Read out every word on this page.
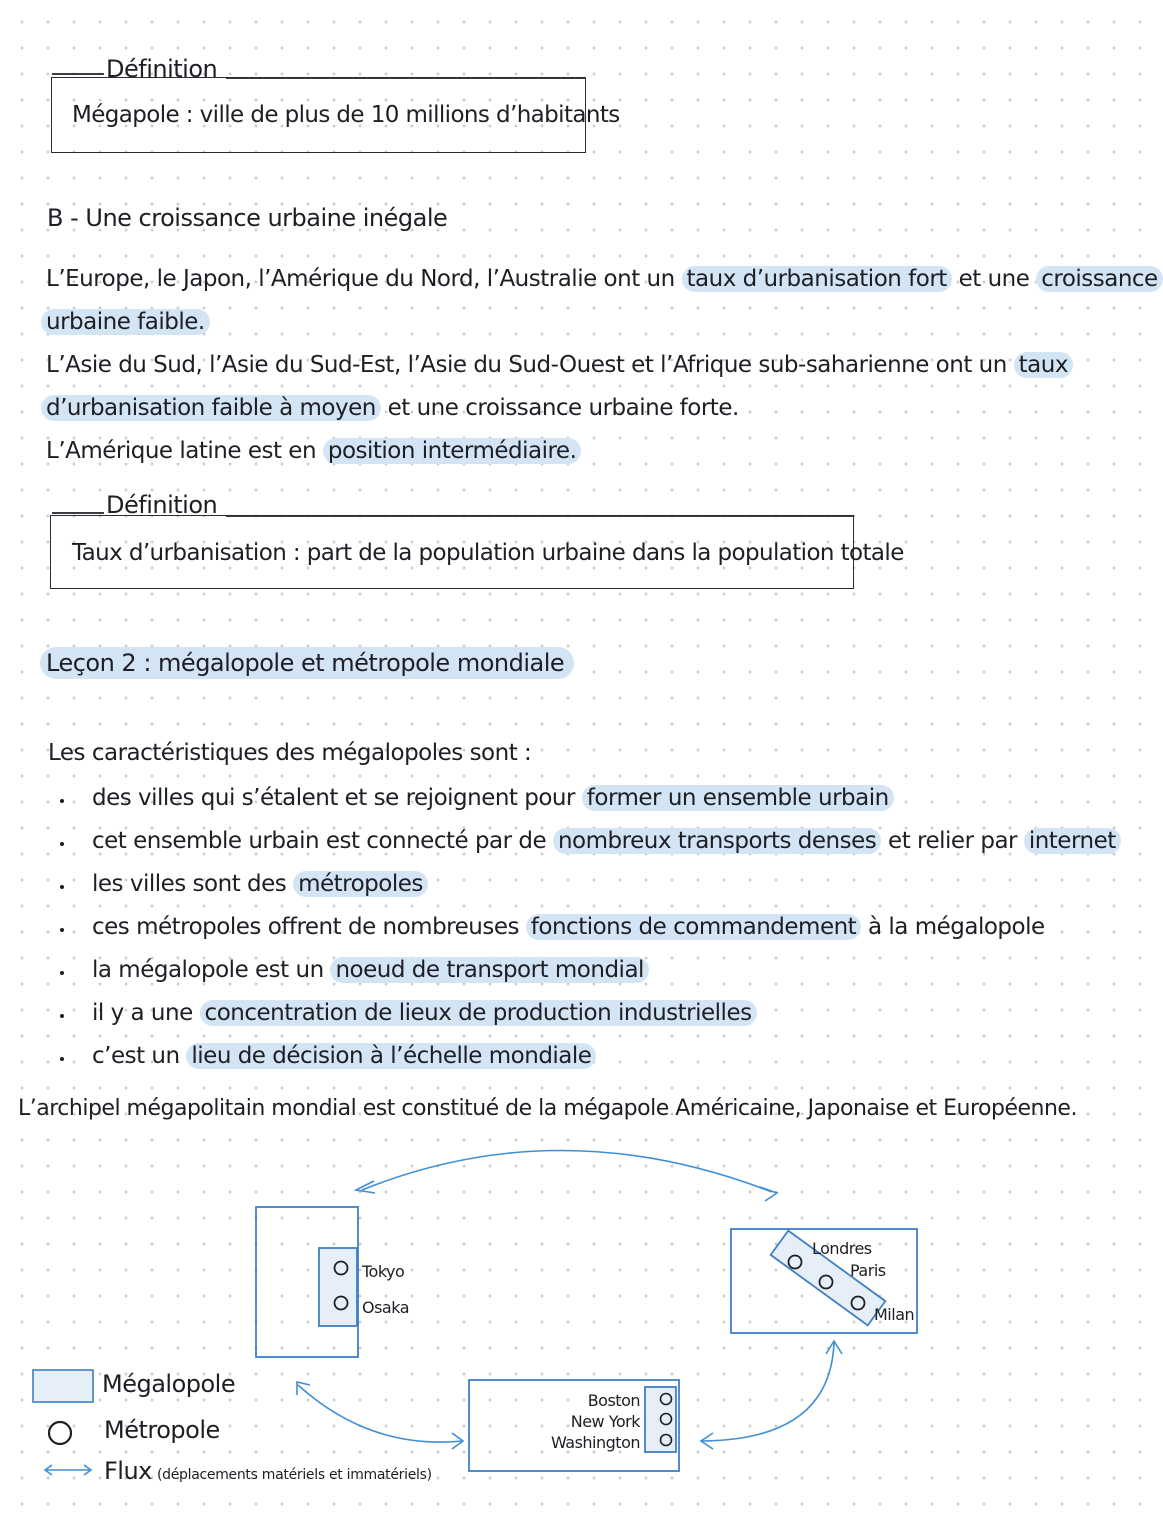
Définition
Mégapole : ville de plus de 10 millions d’habitants
B - Une croissance urbaine inégale
L’Europe, le Japon, l’Amérique du Nord, l’Australie ont un taux d’urbanisation fort et une croissance
urbaine faible.
L’Asie du Sud, l’Asie du Sud-Est, l’Asie du Sud-Ouest et l’Afrique sub-saharienne ont un taux
d’urbanisation faible à moyen et une croissance urbaine forte.
L’Amérique latine est en position intermédiaire.
Définition
Taux d’urbanisation : part de la population urbaine dans la population totale
Leçon 2 : mégalopole et métropole mondiale
Les caractéristiques des mégalopoles sont :
des villes qui s’étalent et se rejoignent pour former un ensemble urbain
cet ensemble urbain est connecté par de nombreux transports denses et relier par internet
les villes sont des métropoles
ces métropoles offrent de nombreuses fonctions de commandement à la mégalopole
la mégalopole est un noeud de transport mondial
il y a une concentration de lieux de production industrielles
c’est un lieu de décision à l’échelle mondiale
L’archipel mégapolitain mondial est constitué de la mégapole Américaine, Japonaise et Européenne.
Tokyo
Osaka
Londres
Paris
Milan
Boston
New York
Washington
Mégalopole
Métropole
Flux (déplacements matériels et immatériels)
